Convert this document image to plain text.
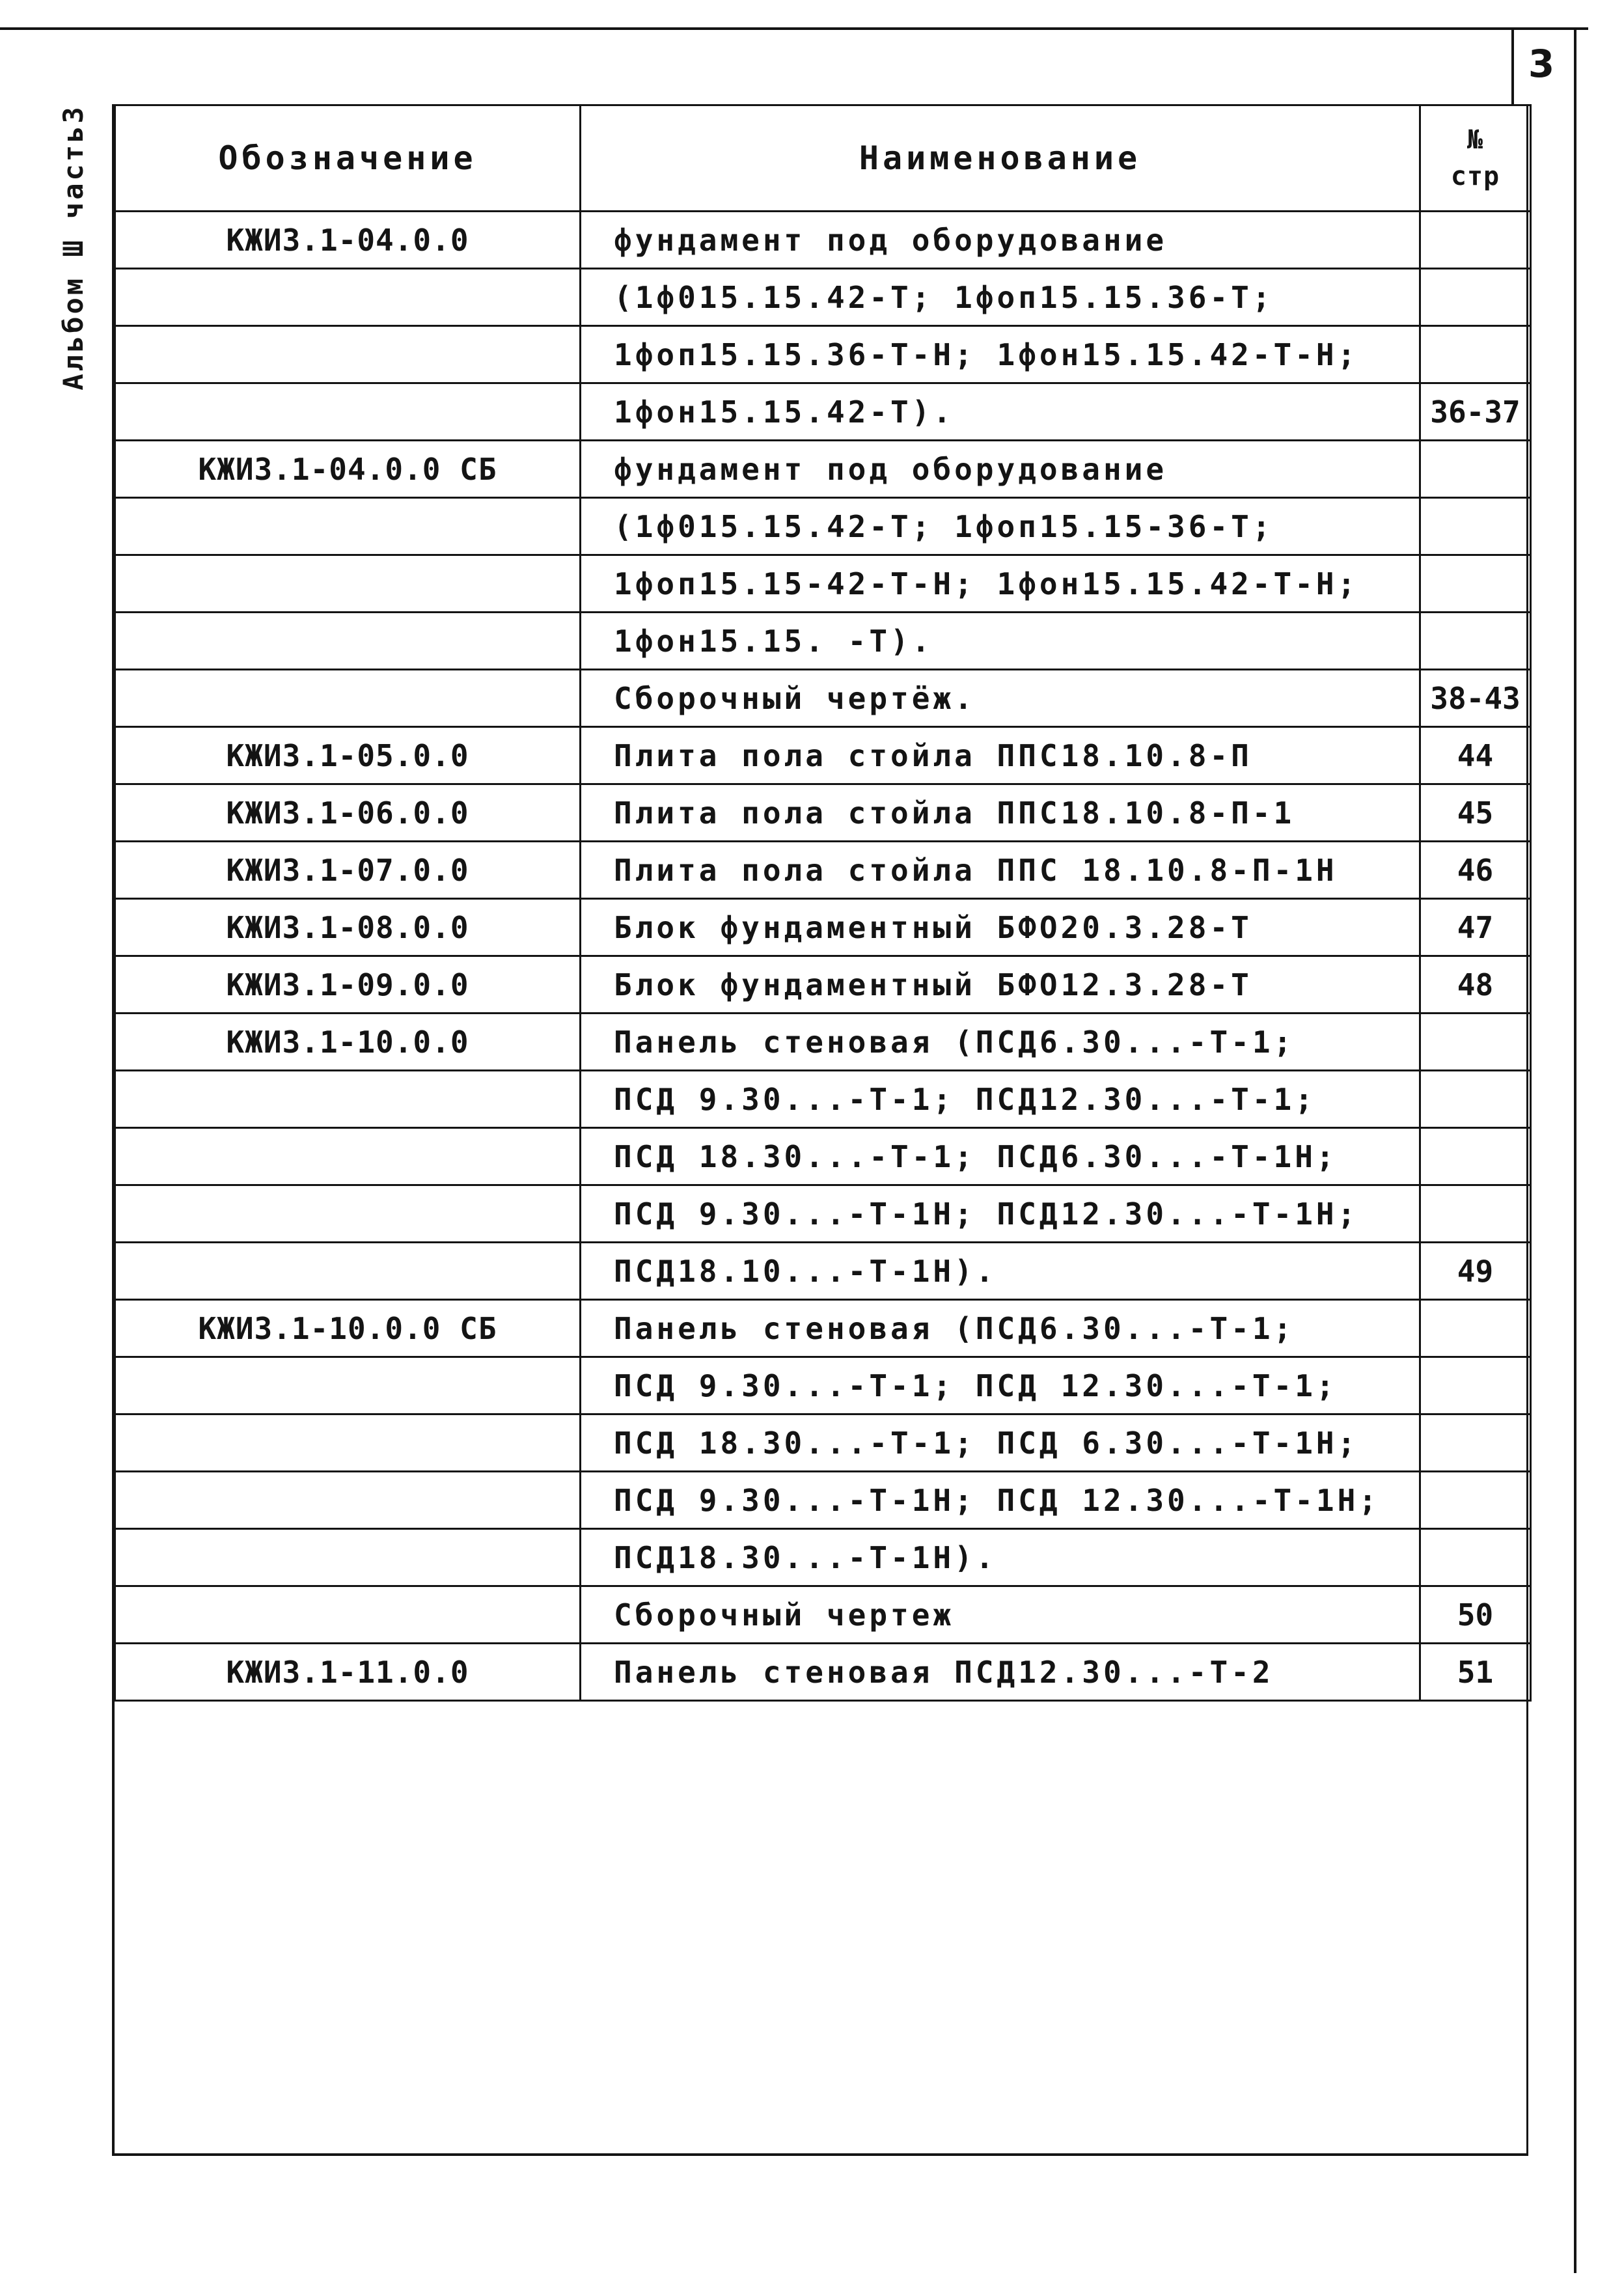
3
Альбом Ш часть3	Обозначение	Наименование	№
стр

КЖИ3.1-04.0.0	фундамент под оборудование	
	(1ф015.15.42-Т; 1фоп15.15.36-Т;	
	1фоп15.15.36-Т-Н; 1фон15.15.42-Т-Н;	
	1фон15.15.42-Т).	36-37
КЖИ3.1-04.0.0 СБ	фундамент под оборудование	
	(1ф015.15.42-Т; 1фоп15.15-36-Т;	
	1фоп15.15-42-Т-Н; 1фон15.15.42-Т-Н;	
	1фон15.15. -Т).	
	Сборочный чертёж.	38-43
КЖИ3.1-05.0.0	Плита пола стойла ППС18.10.8-П	44
КЖИ3.1-06.0.0	Плита пола стойла ППС18.10.8-П-1	45
КЖИ3.1-07.0.0	Плита пола стойла ППС 18.10.8-П-1Н	46
КЖИ3.1-08.0.0	Блок фундаментный БФО20.3.28-Т	47
КЖИ3.1-09.0.0	Блок фундаментный БФО12.3.28-Т	48
КЖИ3.1-10.0.0	Панель стеновая (ПСД6.30...-Т-1;	
	ПСД 9.30...-Т-1; ПСД12.30...-Т-1;	
	ПСД 18.30...-Т-1; ПСД6.30...-Т-1Н;	
	ПСД 9.30...-Т-1Н; ПСД12.30...-Т-1Н;	
	ПСД18.10...-Т-1Н).	49
КЖИ3.1-10.0.0 СБ	Панель стеновая (ПСД6.30...-Т-1;	
	ПСД 9.30...-Т-1; ПСД 12.30...-Т-1;	
	ПСД 18.30...-Т-1; ПСД 6.30...-Т-1Н;	
	ПСД 9.30...-Т-1Н; ПСД 12.30...-Т-1Н;	
	ПСД18.30...-Т-1Н).	
	Сборочный чертеж	50
КЖИ3.1-11.0.0	Панель стеновая ПСД12.30...-Т-2	51
